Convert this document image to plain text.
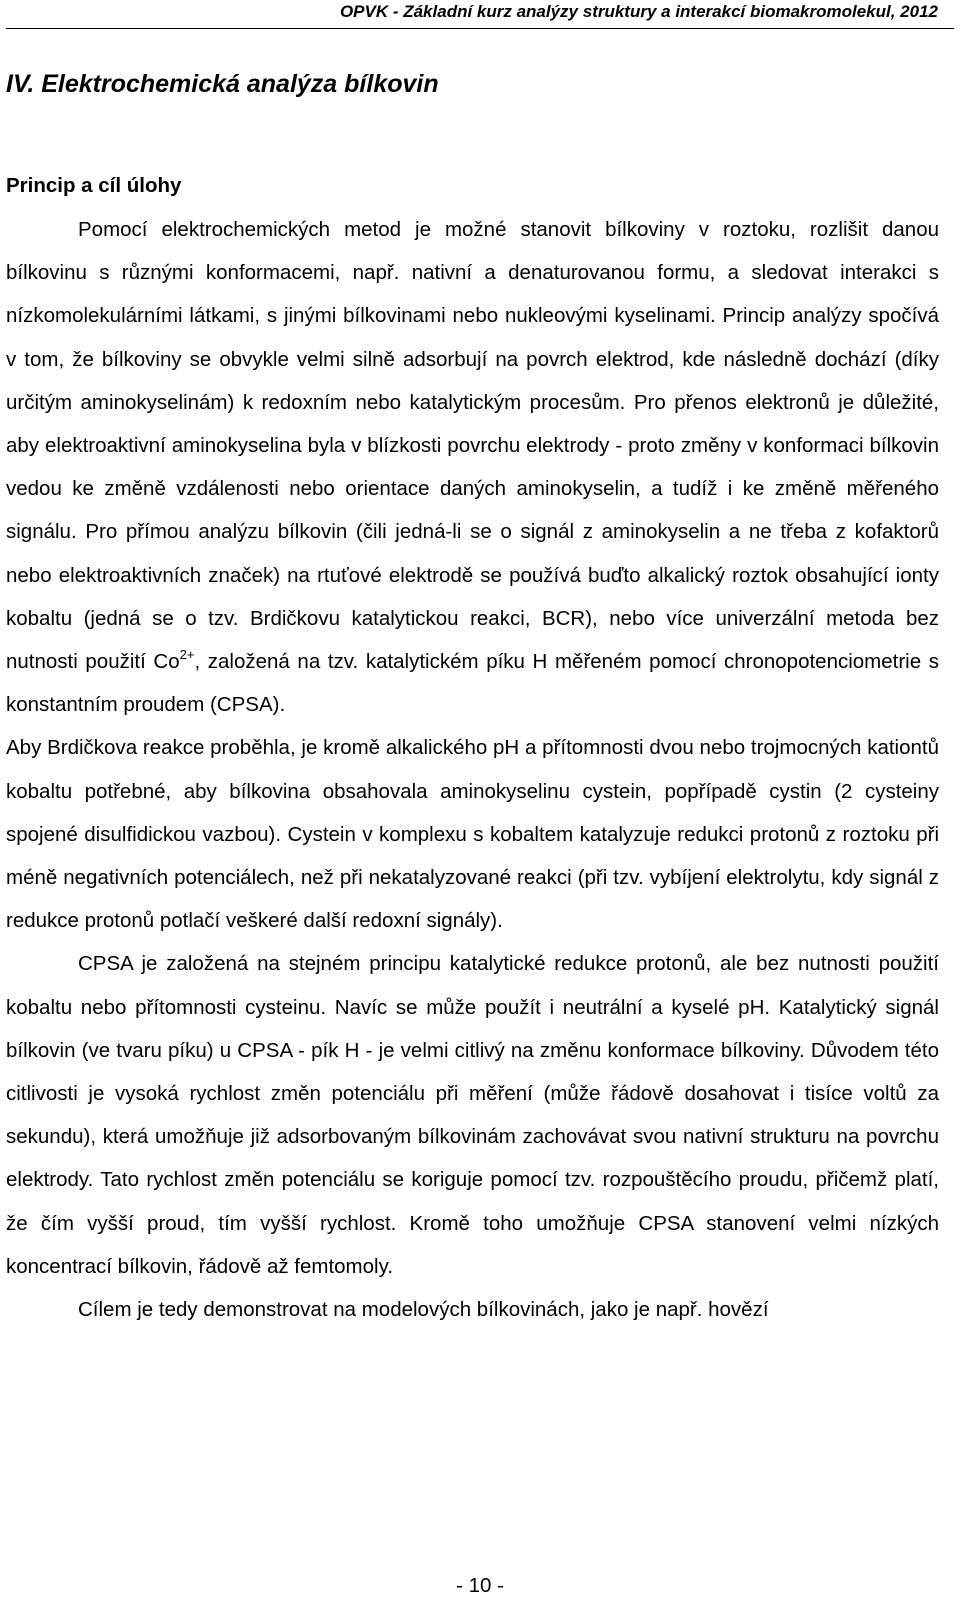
OPVK - Základní kurz analýzy struktury a interakcí biomakromolekul, 2012
IV. Elektrochemická analýza bílkovin
Princip a cíl úlohy

Pomocí elektrochemických metod je možné stanovit bílkoviny v roztoku, rozlišit danou bílkovinu s různými konformacemi, např. nativní a denaturovanou formu, a sledovat interakci s nízkomolekulárními látkami, s jinými bílkovinami nebo nukleovými kyselinami. Princip analýzy spočívá v tom, že bílkoviny se obvykle velmi silně adsorbují na povrch elektrod, kde následně dochází (díky určitým aminokyselinám) k redoxním nebo katalytickým procesům. Pro přenos elektronů je důležité, aby elektroaktivní aminokyselina byla v blízkosti povrchu elektrody - proto změny v konformaci bílkovin vedou ke změně vzdálenosti nebo orientace daných aminokyselin, a tudíž i ke změně měřeného signálu. Pro přímou analýzu bílkovin (čili jedná-li se o signál z aminokyselin a ne třeba z kofaktorů nebo elektroaktivních značek) na rtuťové elektrodě se používá buďto alkalický roztok obsahující ionty kobaltu (jedná se o tzv. Brdičkovu katalytickou reakci, BCR), nebo více univerzální metoda bez nutnosti použití $Co^{2+}$, založená na tzv. katalytickém píku H měřeném pomocí chronopotenciometrie s konstantním proudem (CPSA).

Aby Brdičkova reakce proběhla, je kromě alkalického pH a přítomnosti dvou nebo trojmocných kationtů kobaltu potřebné, aby bílkovina obsahovala aminokyselinu cystein, popřípadě cystin (2 cysteiny spojené disulfidickou vazbou). Cystein v komplexu s kobaltem katalyzuje redukci protonů z roztoku při méně negativních potenciálech, než při nekatalyzované reakci (při tzv. vybíjení elektrolytu, kdy signál z redukce protonů potlačí veškeré další redoxní signály).

CPSA je založená na stejném principu katalytické redukce protonů, ale bez nutnosti použití kobaltu nebo přítomnosti cysteinu. Navíc se může použít i neutrální a kyselé pH. Katalytický signál bílkovin (ve tvaru píku) u CPSA - pík H - je velmi citlivý na změnu konformace bílkoviny. Důvodem této citlivosti je vysoká rychlost změn potenciálu při měření (může řádově dosahovat i tisíce voltů za sekundu), která umožňuje již adsorbovaným bílkovinám zachovávat svou nativní strukturu na povrchu elektrody. Tato rychlost změn potenciálu se koriguje pomocí tzv. rozpouštěcího proudu, přičemž platí, že čím vyšší proud, tím vyšší rychlost. Kromě toho umožňuje CPSA stanovení velmi nízkých koncentrací bílkovin, řádově až femtomoly.

Cílem je tedy demonstrovat na modelových bílkovinách, jako je např. hovězí

- 10 -
